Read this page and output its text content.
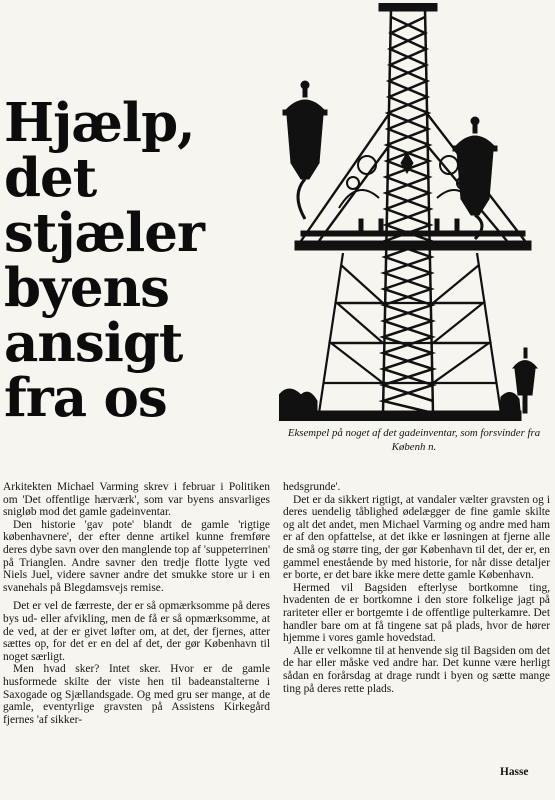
Hjælp,
det
stjæler
byens
ansigt
fra os

Eksempel på noget af det gadeinventar, som forsvinder fra Københ n.

Arkitekten Michael Varming skrev i februar i Politiken om 'Det offentlige hærværk', som var byens ansvarliges snigløb mod det gamle gadeinventar.

Den historie 'gav pote' blandt de gamle 'rigtige københavnere', der efter denne artikel kunne fremføre deres dybe savn over den manglende top af 'suppeterrinen' på Trianglen. Andre savner den tredje flotte lygte ved Niels Juel, videre savner andre det smukke store ur i en svanehals på Blegdamsvejs remise.

Det er vel de færreste, der er så opmærksomme på deres bys ud- eller afvikling, men de få er så opmærksomme, at de ved, at der er givet løfter om, at det, der fjernes, atter sættes op, for det er en del af det, der gør København til noget særligt.

Men hvad sker? Intet sker. Hvor er de gamle husformede skilte der viste hen til badeanstalterne i Saxogade og Sjællandsgade. Og med gru ser mange, at de gamle, eventyrlige gravsten på Assistens Kirkegård fjernes 'af sikker-

hedsgrunde'.

Det er da sikkert rigtigt, at vandaler vælter gravsten og i deres uendelig tåblighed ødelægger de fine gamle skilte og alt det andet, men Michael Varming og andre med ham er af den opfattelse, at det ikke er løsningen at fjerne alle de små og større ting, der gør København til det, der er, en gammel enestående by med historie, for når disse detaljer er borte, er det bare ikke mere dette gamle København.

Hermed vil Bagsiden efterlyse bortkomne ting, hvadenten de er bortkomne i den store folkelige jagt på rariteter eller er bortgemte i de offentlige pulterkamre. Det handler bare om at få tingene sat på plads, hvor de hører hjemme i vores gamle hovedstad.

Alle er velkomne til at henvende sig til Bagsiden om det de har eller måske ved andre har. Det kunne være herligt sådan en forårsdag at drage rundt i byen og sætte mange ting på deres rette plads.

Hasse
